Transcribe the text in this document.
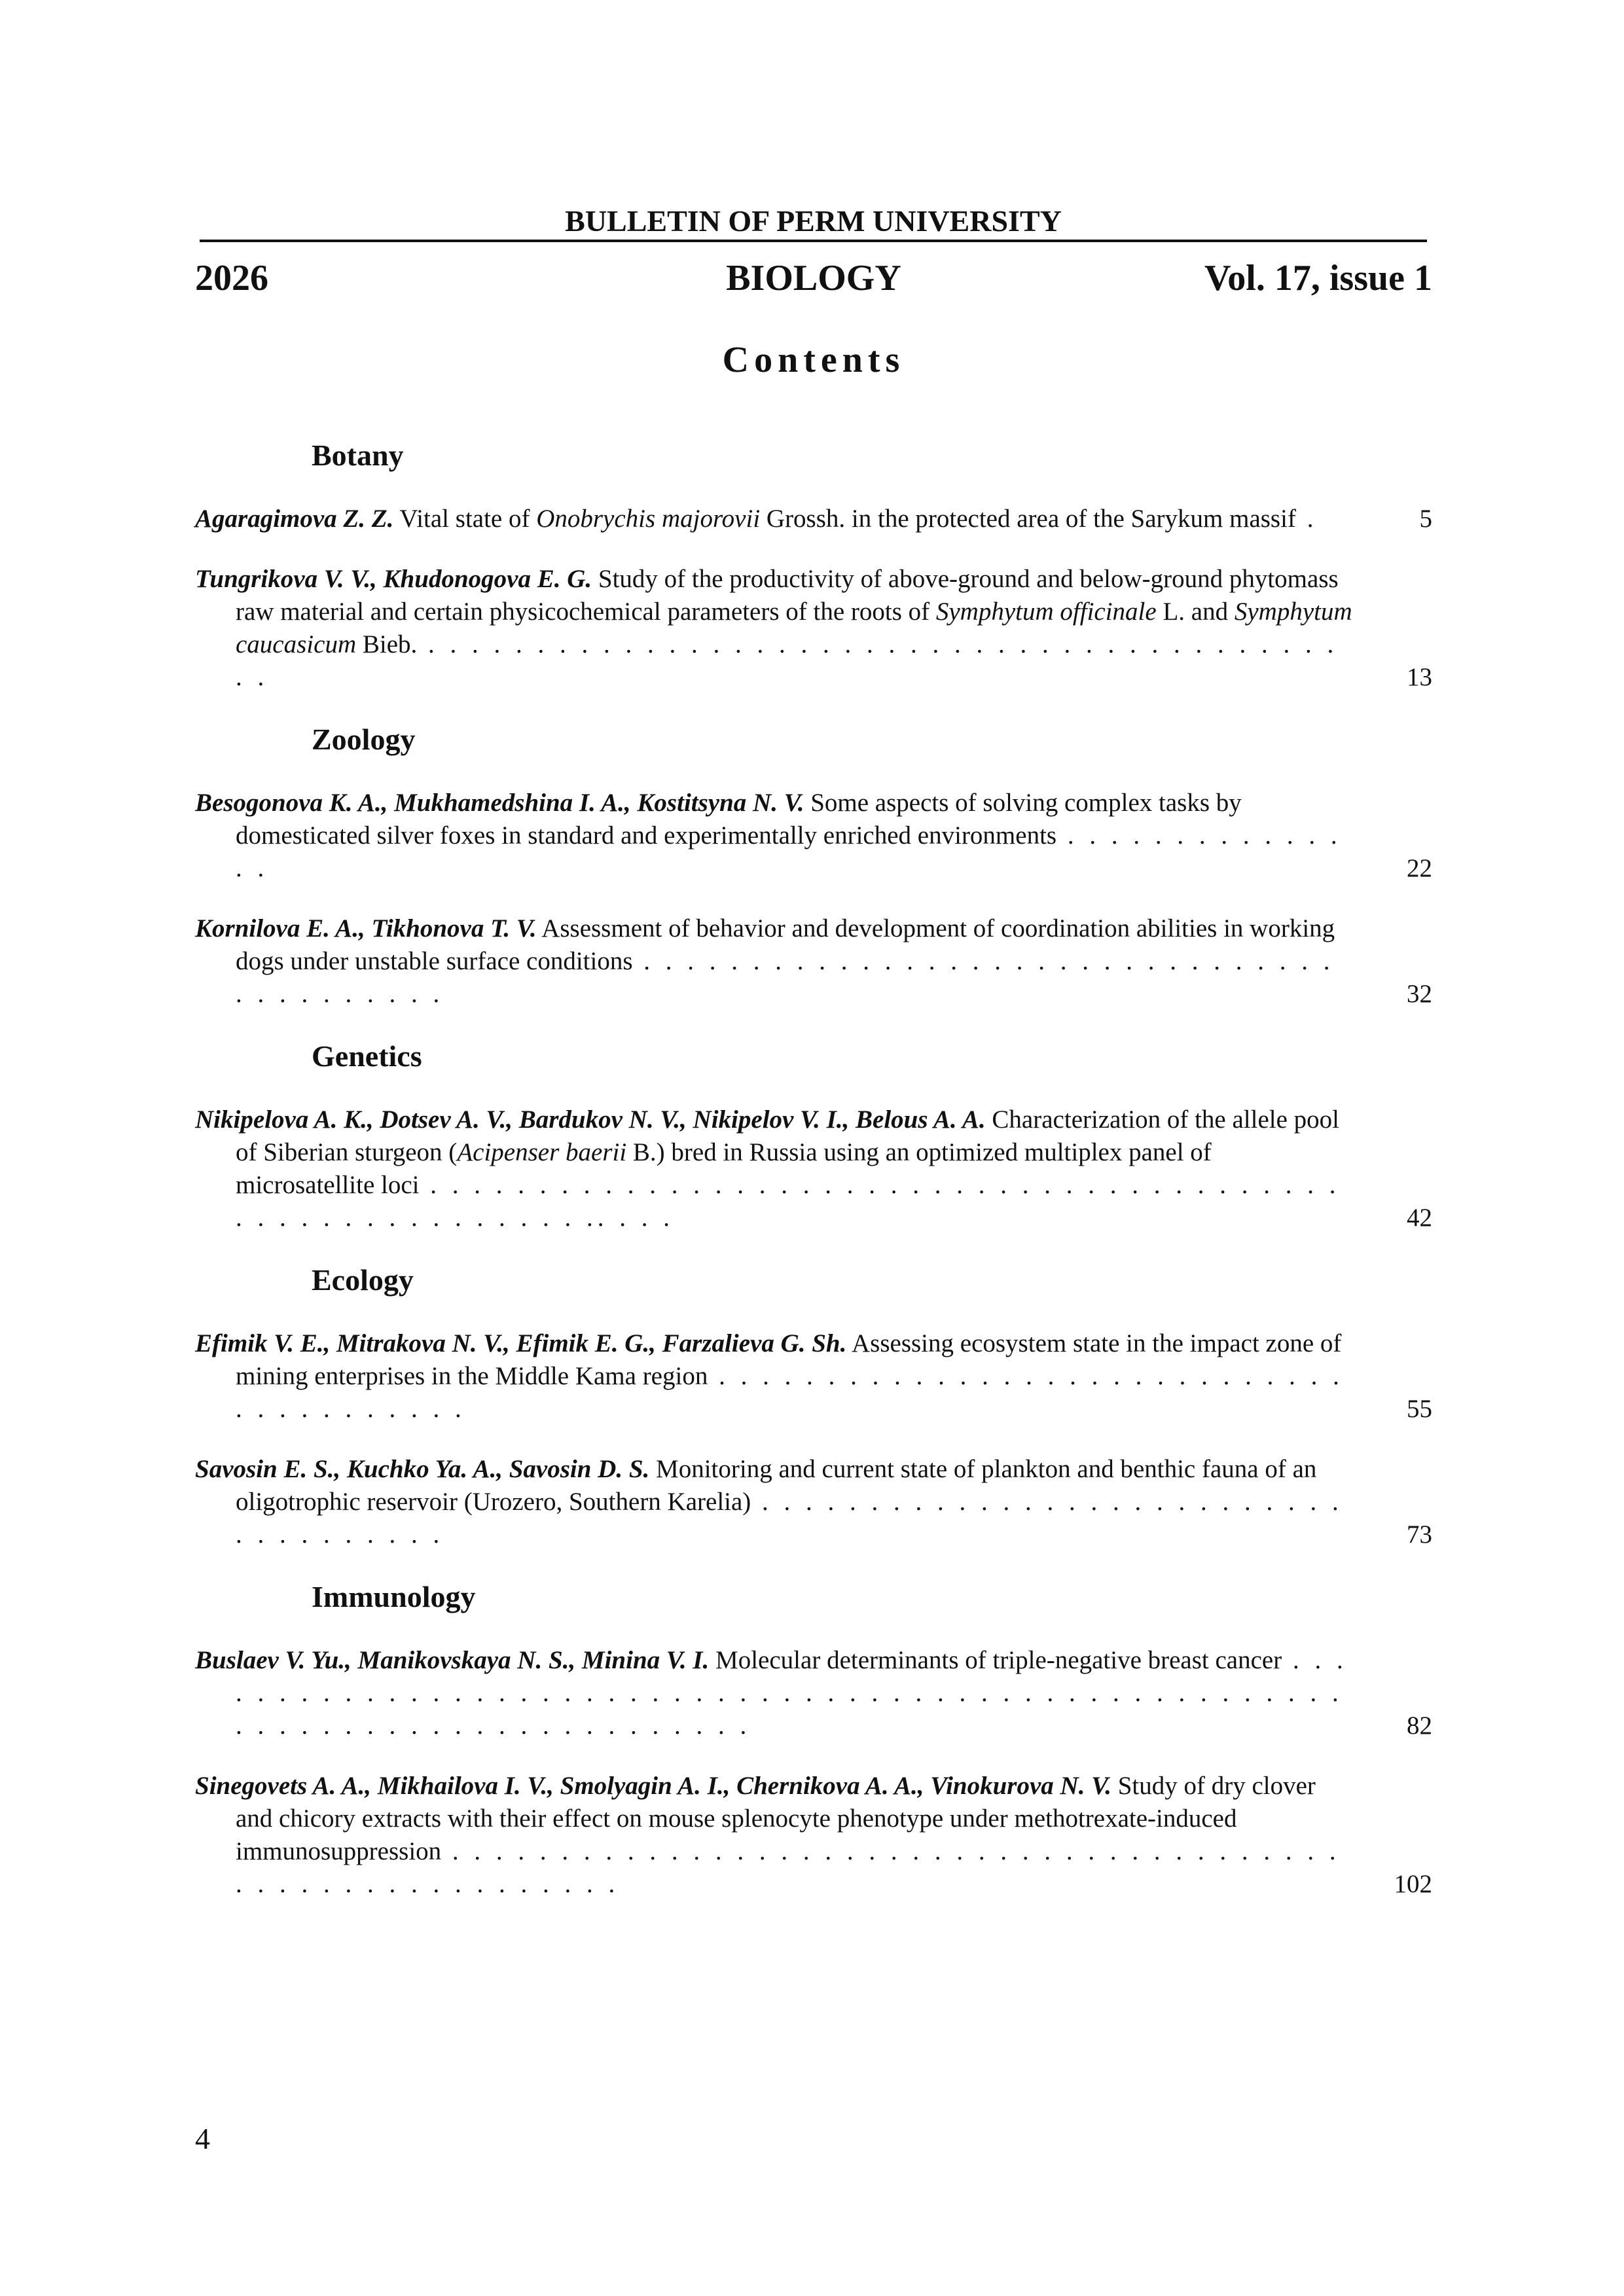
BULLETIN OF PERM UNIVERSITY
BIOLOGY
2026	Vol. 17, issue 1
Contents
Botany
Agaragimova Z. Z. Vital state of Onobrychis majorovii Grossh. in the protected area of the Sarykum massif .	5
Tungrikova V. V., Khudonogova E. G. Study of the productivity of above-ground and below-ground phytomass raw material and certain physicochemical parameters of the roots of Symphytum officinale L. and Symphytum caucasicum Bieb. . . . . . . . . . . . . . . . . . . . . . . . . . . . . . . . . . . . . . . . . . . . .	13
Zoology
Besogonova K. A., Mukhamedshina I. A., Kostitsyna N. V. Some aspects of solving complex tasks by domesticated silver foxes in standard and experimentally enriched environments . . . . . . . . . . . . . . .	22
Kornilova E. A., Tikhonova T. V. Assessment of behavior and development of coordination abilities in working dogs under unstable surface conditions . . . . . . . . . . . . . . . . . . . . . . . . . . . . . . . . . . . . . . . . . .	32
Genetics
Nikipelova A. K., Dotsev A. V., Bardukov N. V., Nikipelov V. I., Belous A. A. Characterization of the allele pool of Siberian sturgeon (Acipenser baerii B.) bred in Russia using an optimized multiplex panel of microsatellite loci . . . . . . . . . . . . . . . . . . . . . . . . . . . . . . . . . . . . . . . . . . . . . . . . . . . . . . . . . . .. . . .	42
Ecology
Efimik V. E., Mitrakova N. V., Efimik E. G., Farzalieva G. Sh. Assessing ecosystem state in the impact zone of mining enterprises in the Middle Kama region . . . . . . . . . . . . . . . . . . . . . . . . . . . . . . . . . . . . . . . .	55
Savosin E. S., Kuchko Ya. A., Savosin D. S. Monitoring and current state of plankton and benthic fauna of an oligotrophic reservoir (Urozero, Southern Karelia) . . . . . . . . . . . . . . . . . . . . . . . . . . . . . . . . . . . . .	73
Immunology
Buslaev V. Yu., Manikovskaya N. S., Minina V. I. Molecular determinants of triple-negative breast cancer . . . . . . . . . . . . . . . . . . . . . . . . . . . . . . . . . . . . . . . . . . . . . . . . . . . . . . . . . . . . . . . . . . . . . . . . . . . . . .	82
Sinegovets A. A., Mikhailova I. V., Smolyagin A. I., Chernikova A. A., Vinokurova N. V. Study of dry clover and chicory extracts with their effect on mouse splenocyte phenotype under methotrexate-induced immunosuppression . . . . . . . . . . . . . . . . . . . . . . . . . . . . . . . . . . . . . . . . . . . . . . . . . . . . . . . . . . .	102
4
